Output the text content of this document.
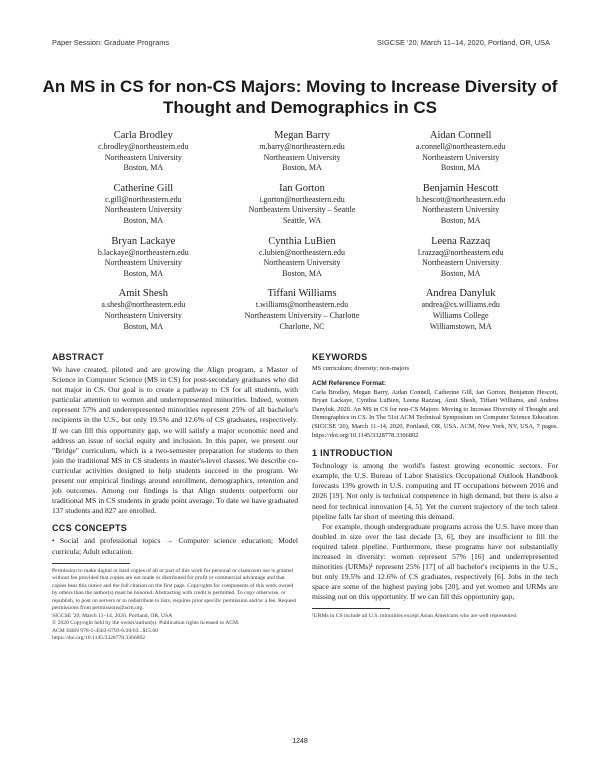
Paper Session: Graduate Programs	SIGCSE '20, March 11–14, 2020, Portland, OR, USA
An MS in CS for non-CS Majors: Moving to Increase Diversity of Thought and Demographics in CS
Carla Brodley
c.brodley@northeastern.edu
Northeastern University
Boston, MA
Megan Barry
m.barry@northeastern.edu
Northeastern University
Boston, MA
Aidan Connell
a.connell@northeastern.edu
Northeastern University
Boston, MA
Catherine Gill
c.gill@northeastern.edu
Northeastern University
Boston, MA
Ian Gorton
i.gorton@northeastern.edu
Northeastern University – Seattle
Seattle, WA
Benjamin Hescott
b.hescott@northeastern.edu
Northeastern University
Boston, MA
Bryan Lackaye
b.lackaye@northeastern.edu
Northeastern University
Boston, MA
Cynthia LuBien
c.lubien@northeastern.edu
Northeastern University
Boston, MA
Leena Razzaq
l.razzaq@northeastern.edu
Northeastern University
Boston, MA
Amit Shesh
a.shesh@northeastern.edu
Northeastern University
Boston, MA
Tiffani Williams
t.williams@northeastern.edu
Northeastern University – Charlotte
Charlotte, NC
Andrea Danyluk
andrea@cs.williams.edu
Williams College
Williamstown, MA
ABSTRACT

We have created, piloted and are growing the Align program, a Master of Science in Computer Science (MS in CS) for post-secondary graduates who did not major in CS. Our goal is to create a pathway to CS for all students, with particular attention to women and underrepresented minorities. Indeed, women represent 57% and underrepresented minorities represent 25% of all bachelor's recipients in the U.S., but only 19.5% and 12.6% of CS graduates, respectively. If we can fill this opportunity gap, we will satisfy a major economic need and address an issue of social equity and inclusion. In this paper, we present our "Bridge" curriculum, which is a two-semester preparation for students to then join the traditional MS in CS students in master's-level classes. We describe co-curricular activities designed to help students succeed in the program. We present our empirical findings around enrollment, demographics, retention and job outcomes. Among our findings is that Align students outperform our traditional MS in CS students in grade point average. To date we have graduated 137 students and 827 are enrolled.

CCS CONCEPTS

• Social and professional topics → Computer science education; Model curricula; Adult education.

Permission to make digital or hard copies of all or part of this work for personal or classroom use is granted without fee provided that copies are not made or distributed for profit or commercial advantage and that copies bear this notice and the full citation on the first page. Copyrights for components of this work owned by others than the author(s) must be honored. Abstracting with credit is permitted. To copy otherwise, or republish, to post on servers or to redistribute to lists, requires prior specific permission and/or a fee. Request permissions from permissions@acm.org.

SIGCSE '20, March 11–14, 2020, Portland, OR, USA

© 2020 Copyright held by the owner/author(s). Publication rights licensed to ACM.

ACM ISBN 978-1-4503-6793-6/20/03...$15.00

https://doi.org/10.1145/3328778.3366802

KEYWORDS

MS curriculum; diversity; non-majors

ACM Reference Format:

Carla Brodley, Megan Barry, Aidan Connell, Catherine Gill, Ian Gorton, Benjamin Hescott, Bryan Lackaye, Cynthia LuBien, Leena Razzaq, Amit Shesh, Tiffani Williams, and Andrea Danyluk. 2020. An MS in CS for non-CS Majors: Moving to Increase Diversity of Thought and Demographics in CS. In The 51st ACM Technical Symposium on Computer Science Education (SIGCSE '20), March 11–14, 2020, Portland, OR, USA. ACM, New York, NY, USA, 7 pages. https://doi.org/10.1145/3328778.3366802

1 INTRODUCTION

Technology is among the world's fastest growing economic sectors. For example, the U.S. Bureau of Labor Statistics Occupational Outlook Handbook forecasts 13% growth in U.S. computing and IT occupations between 2016 and 2026 [19]. Not only is technical competence in high demand, but there is also a need for technical innovation [4, 5]. Yet the current trajectory of the tech talent pipeline falls far short of meeting this demand.

For example, though undergraduate programs across the U.S. have more than doubled in size over the last decade [3, 6], they are insufficient to fill the required talent pipeline. Furthermore, these programs have not substantially increased in diversity: women represent 57% [16] and underrepresented minorities (URMs)¹ represent 25% [17] of all bachelor's recipients in the U.S., but only 19.5% and 12.6% of CS graduates, respectively [6]. Jobs in the tech space are some of the highest paying jobs [20], and yet women and URMs are missing out on this opportunity. If we can fill this opportunity gap,

¹URMs in CS include all U.S. minorities except Asian Americans who are well represented.

1248
